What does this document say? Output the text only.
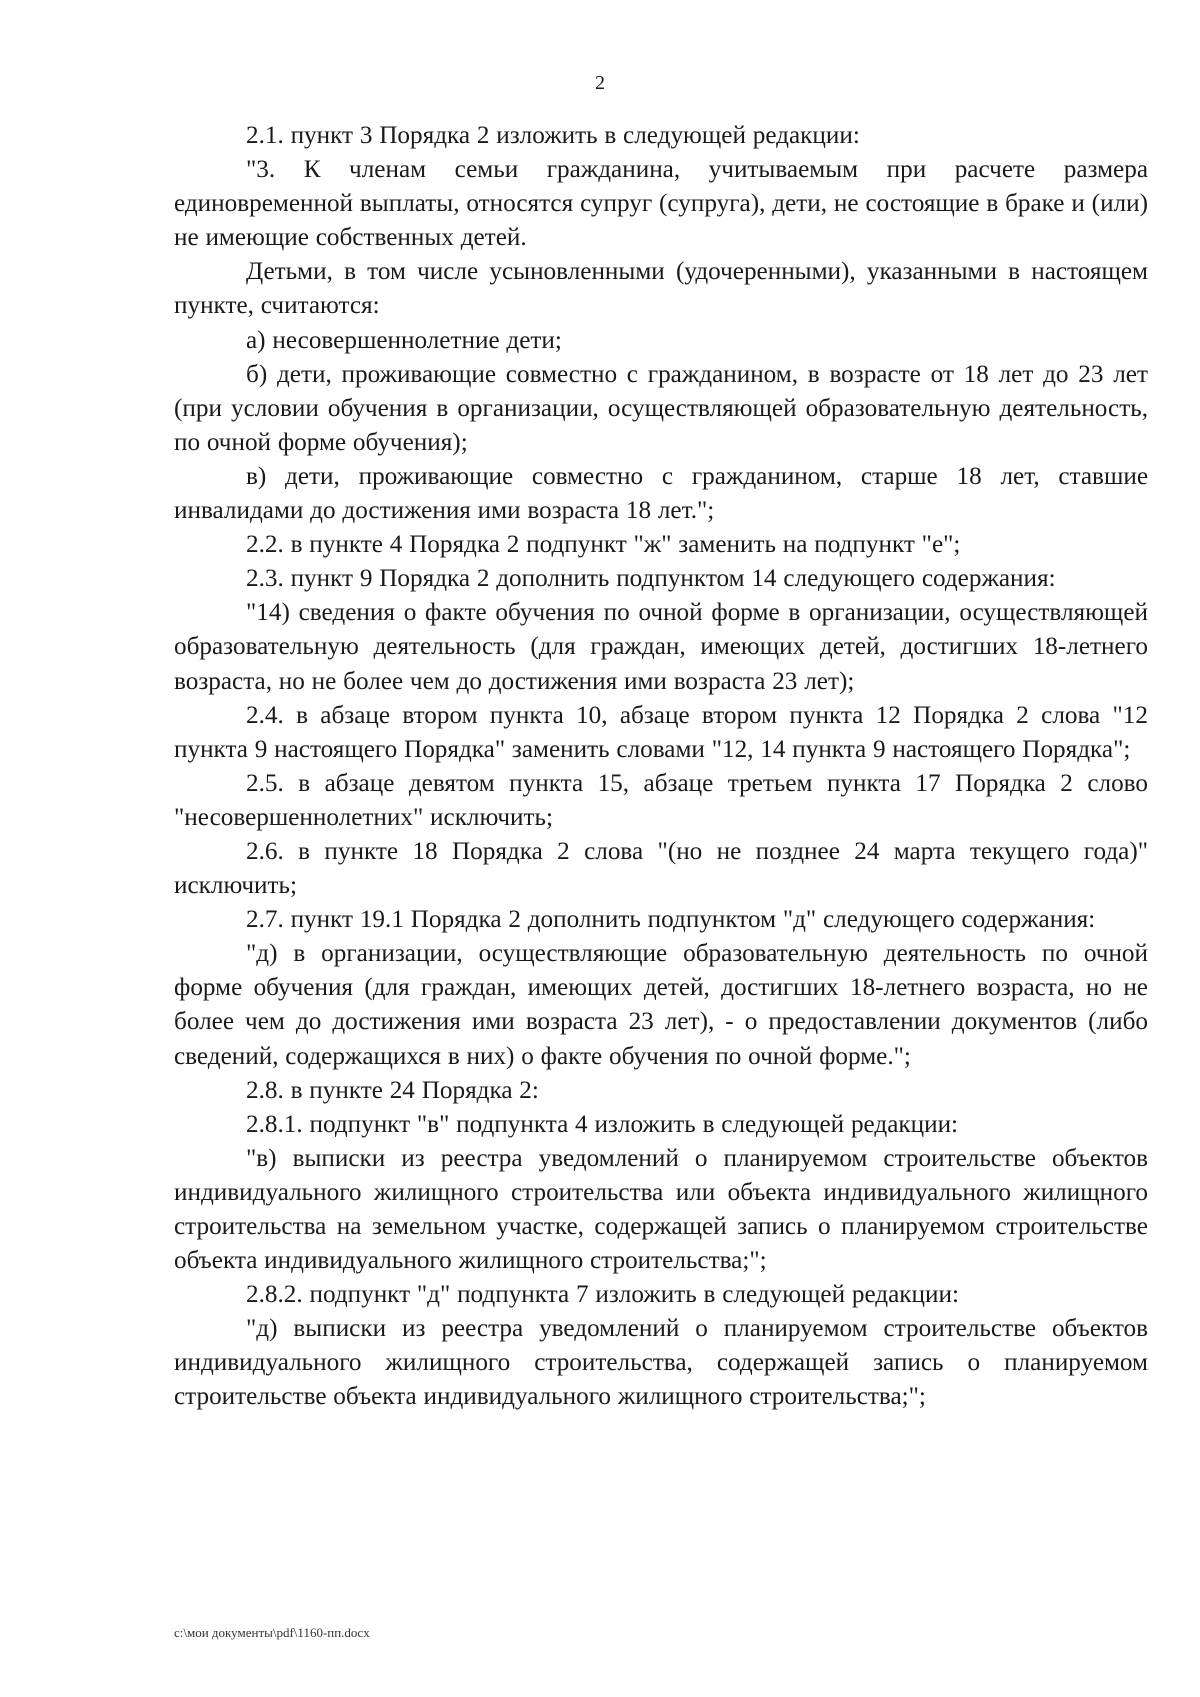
2

2.1. пункт 3 Порядка 2 изложить в следующей редакции:

"3. К членам семьи гражданина, учитываемым при расчете размера единовременной выплаты, относятся супруг (супруга), дети, не состоящие в браке и (или) не имеющие собственных детей.

Детьми, в том числе усыновленными (удочеренными), указанными в настоящем пункте, считаются:

а) несовершеннолетние дети;

б) дети, проживающие совместно с гражданином, в возрасте от 18 лет до 23 лет (при условии обучения в организации, осуществляющей образовательную деятельность, по очной форме обучения);

в) дети, проживающие совместно с гражданином, старше 18 лет, ставшие инвалидами до достижения ими возраста 18 лет.";

2.2. в пункте 4 Порядка 2 подпункт "ж" заменить на подпункт "е";

2.3. пункт 9 Порядка 2 дополнить подпунктом 14 следующего содержания:

"14) сведения о факте обучения по очной форме в организации, осуществляющей образовательную деятельность (для граждан, имеющих детей, достигших 18-летнего возраста, но не более чем до достижения ими возраста 23 лет);

2.4. в абзаце втором пункта 10, абзаце втором пункта 12 Порядка 2 слова "12 пункта 9 настоящего Порядка" заменить словами "12, 14 пункта 9 настоящего Порядка";

2.5. в абзаце девятом пункта 15, абзаце третьем пункта 17 Порядка 2 слово "несовершеннолетних" исключить;

2.6. в пункте 18 Порядка 2 слова "(но не позднее 24 марта текущего года)" исключить;

2.7. пункт 19.1 Порядка 2 дополнить подпунктом "д" следующего содержания:

"д) в организации, осуществляющие образовательную деятельность по очной форме обучения (для граждан, имеющих детей, достигших 18-летнего возраста, но не более чем до достижения ими возраста 23 лет), - о предоставлении документов (либо сведений, содержащихся в них) о факте обучения по очной форме.";

2.8. в пункте 24 Порядка 2:

2.8.1. подпункт "в" подпункта 4 изложить в следующей редакции:

"в) выписки из реестра уведомлений о планируемом строительстве объектов индивидуального жилищного строительства или объекта индивидуального жилищного строительства на земельном участке, содержащей запись о планируемом строительстве объекта индивидуального жилищного строительства;";

2.8.2. подпункт "д" подпункта 7 изложить в следующей редакции:

"д) выписки из реестра уведомлений о планируемом строительстве объектов индивидуального жилищного строительства, содержащей запись о планируемом строительстве объекта индивидуального жилищного строительства;";

c:\мои документы\pdf\1160-пп.docx
